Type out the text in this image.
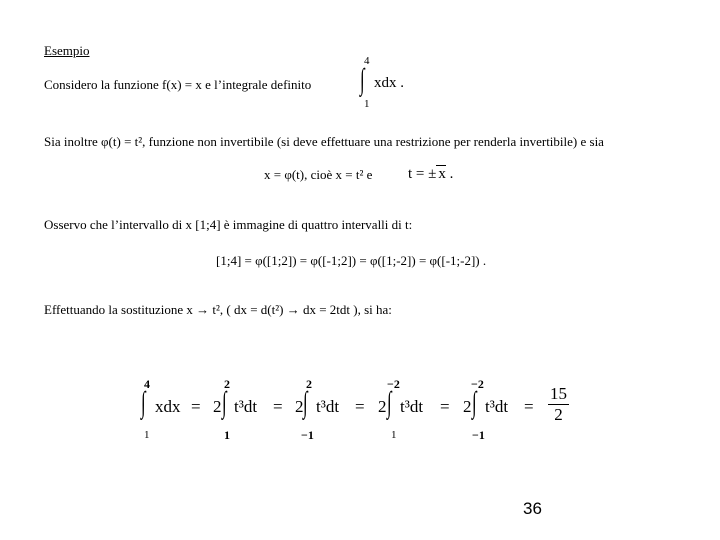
Esempio
Considero la funzione f(x) = x e l’integrale definito
4
∫
1
xdx .
Sia inoltre φ(t) = t², funzione non invertibile (si deve effettuare una restrizione per renderla invertibile) e sia
x = φ(t), cioè x = t² e t = ± x .
Osservo che l’intervallo di x [1;4] è immagine di quattro intervalli di t:
[1;4] = φ([1;2]) = φ([-1;2]) = φ([1;-2]) = φ([-1;-2]) .
Effettuando la sostituzione x → t², ( dx = d(t²) → dx = 2tdt ), si ha:
4
∫
1
xdx = 2
2
∫
1
t³dt = 2
2
∫
−1
t³dt = 2
−2
∫
1
t³dt = 2
−2
∫
−1
$t^3dt = \frac{15}{2}$
36
